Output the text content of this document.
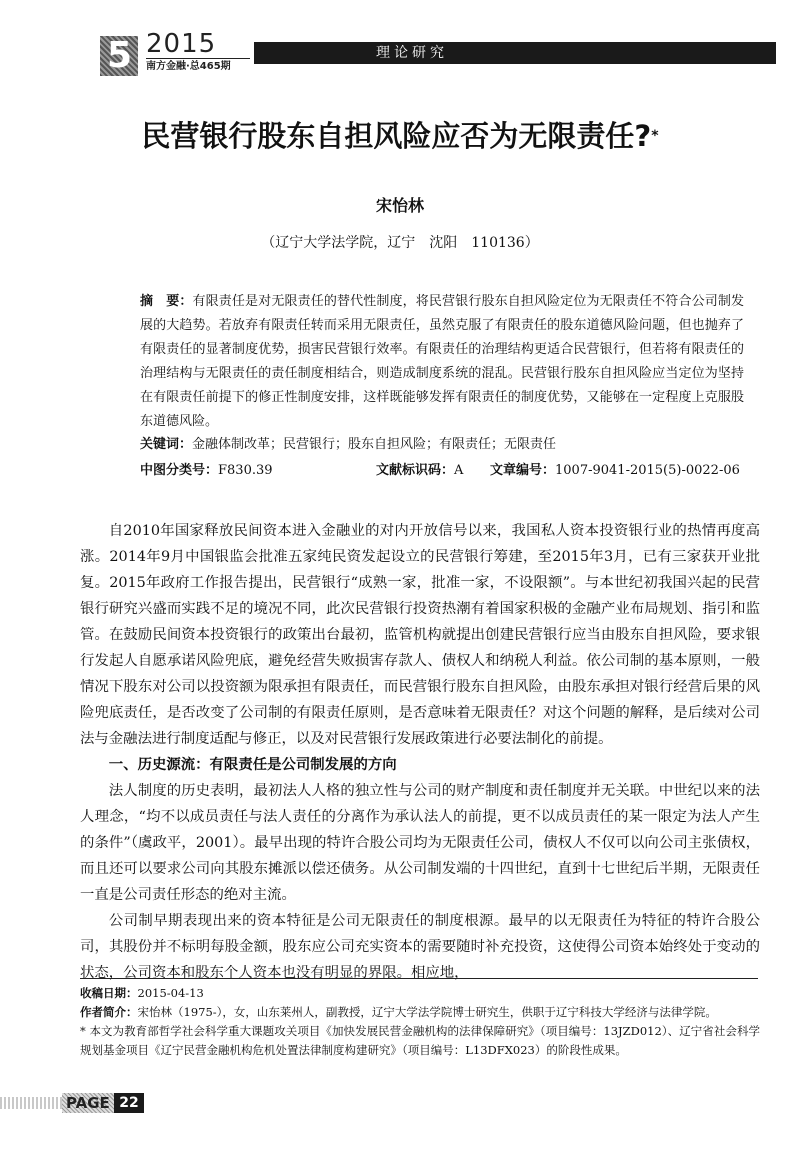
5 2015
南方金融·总465期
理论研究
民营银行股东自担风险应否为无限责任?*
宋怡林
（辽宁大学法学院，辽宁　沈阳　110136）
摘　要：有限责任是对无限责任的替代性制度，将民营银行股东自担风险定位为无限责任不符合公司制发展的大趋势。若放弃有限责任转而采用无限责任，虽然克服了有限责任的股东道德风险问题，但也抛弃了有限责任的显著制度优势，损害民营银行效率。有限责任的治理结构更适合民营银行，但若将有限责任的治理结构与无限责任的责任制度相结合，则造成制度系统的混乱。民营银行股东自担风险应当定位为坚持在有限责任前提下的修正性制度安排，这样既能够发挥有限责任的制度优势，又能够在一定程度上克服股东道德风险。
关键词：金融体制改革；民营银行；股东自担风险；有限责任；无限责任
中图分类号：F830.39	文献标识码：A 文章编号：1007-9041-2015(5)-0022-06

自2010年国家释放民间资本进入金融业的对内开放信号以来，我国私人资本投资银行业的热情再度高涨。2014年9月中国银监会批准五家纯民资发起设立的民营银行筹建，至2015年3月，已有三家获开业批复。2015年政府工作报告提出，民营银行“成熟一家，批准一家，不设限额”。与本世纪初我国兴起的民营银行研究兴盛而实践不足的境况不同，此次民营银行投资热潮有着国家积极的金融产业布局规划、指引和监管。在鼓励民间资本投资银行的政策出台最初，监管机构就提出创建民营银行应当由股东自担风险，要求银行发起人自愿承诺风险兜底，避免经营失败损害存款人、债权人和纳税人利益。依公司制的基本原则，一般情况下股东对公司以投资额为限承担有限责任，而民营银行股东自担风险，由股东承担对银行经营后果的风险兜底责任，是否改变了公司制的有限责任原则，是否意味着无限责任？对这个问题的解释，是后续对公司法与金融法进行制度适配与修正，以及对民营银行发展政策进行必要法制化的前提。

一、历史源流：有限责任是公司制发展的方向

法人制度的历史表明，最初法人人格的独立性与公司的财产制度和责任制度并无关联。中世纪以来的法人理念，“均不以成员责任与法人责任的分离作为承认法人的前提，更不以成员责任的某一限定为法人产生的条件”（虞政平，2001）。最早出现的特许合股公司均为无限责任公司，债权人不仅可以向公司主张债权，而且还可以要求公司向其股东摊派以偿还债务。从公司制发端的十四世纪，直到十七世纪后半期，无限责任一直是公司责任形态的绝对主流。

公司制早期表现出来的资本特征是公司无限责任的制度根源。最早的以无限责任为特征的特许合股公司，其股份并不标明每股金额，股东应公司充实资本的需要随时补充投资，这使得公司资本始终处于变动的状态，公司资本和股东个人资本也没有明显的界限。相应地，

收稿日期：2015-04-13

作者简介：宋怡林（1975-），女，山东莱州人，副教授，辽宁大学法学院博士研究生，供职于辽宁科技大学经济与法律学院。

* 本文为教育部哲学社会科学重大课题攻关项目《加快发展民营金融机构的法律保障研究》（项目编号：13JZD012）、辽宁省社会科学规划基金项目《辽宁民营金融机构危机处置法律制度构建研究》（项目编号：L13DFX023）的阶段性成果。

PAGE 22
